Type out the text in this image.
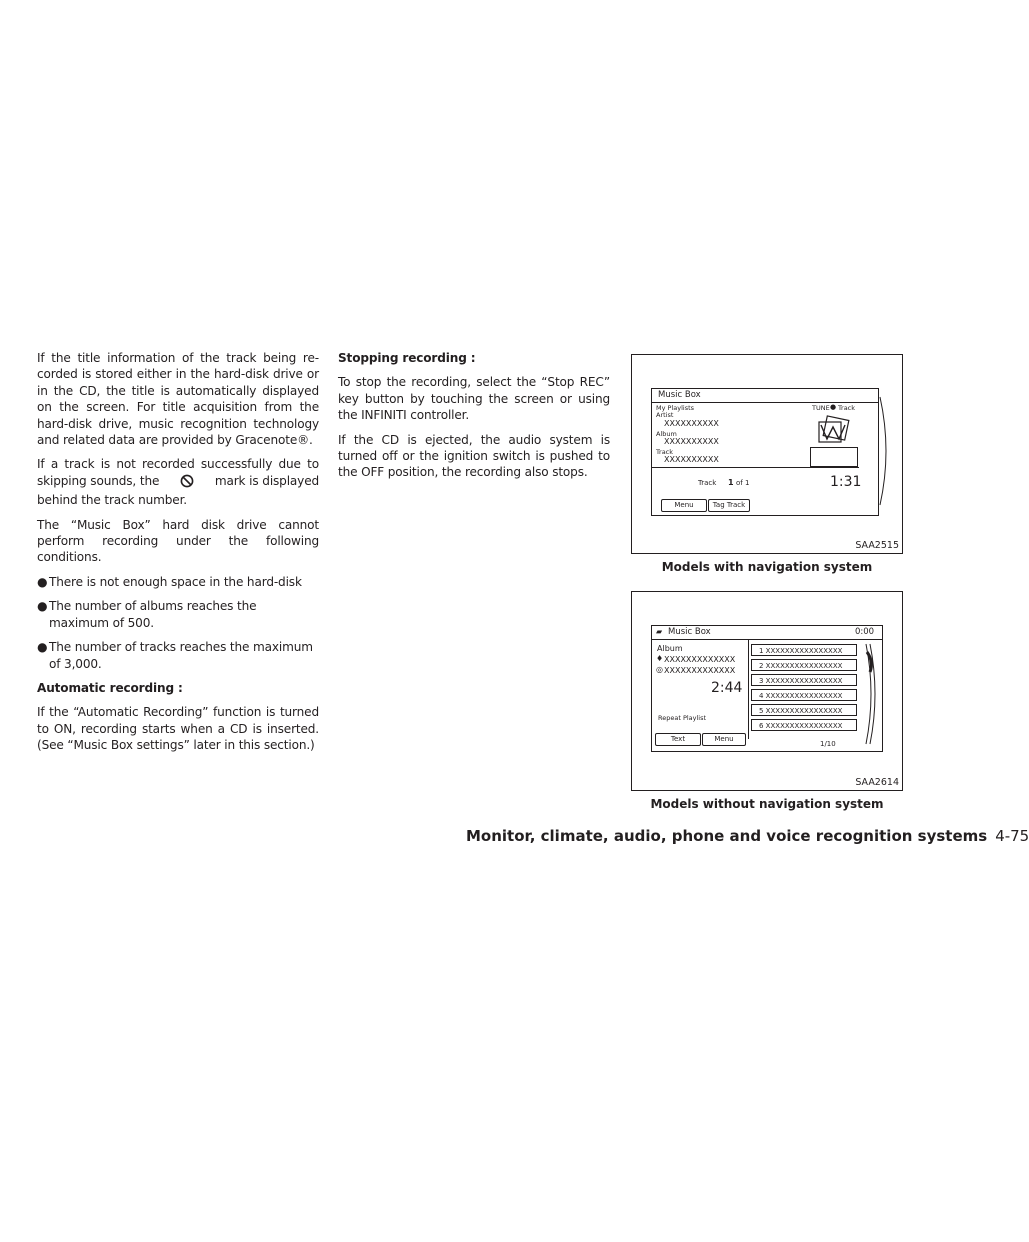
If the title information of the track being re-corded is stored either in the hard-disk drive or in the CD, the title is automatically displayed on the screen. For title acquisition from the hard-disk drive, music recognition technology and related data are provided by Gracenote®.

If a track is not recorded successfully due to skipping sounds, the	mark is displayed behind the track number.

The “Music Box” hard disk drive cannot perform recording under the following conditions.

● There is not enough space in the hard-disk
● The number of albums reaches the maximum of 500.
● The number of tracks reaches the maximum of 3,000.
Automatic recording :

If the “Automatic Recording” function is turned to ON, recording starts when a CD is inserted. (See “Music Box settings” later in this section.)

Stopping recording :

To stop the recording, select the “Stop REC” key button by touching the screen or using the INFINITI controller.

If the CD is ejected, the audio system is turned off or the ignition switch is pushed to the OFF position, the recording also stops.

Music Box
My Playlists
Artist
XXXXXXXXXX
Album
XXXXXXXXXX
Track
XXXXXXXXXX
TUNE ● Track
1:31
Track 1 of 1
Menu	Tag Track
SAA2515
Models with navigation system
▰ Music Box	0:00
Album
♦ XXXXXXXXXXXXX
◎ XXXXXXXXXXXXX
2:44
Repeat Playlist
Text	Menu
1 XXXXXXXXXXXXXXXX
2 XXXXXXXXXXXXXXXX
3 XXXXXXXXXXXXXXXX
4 XXXXXXXXXXXXXXXX
5 XXXXXXXXXXXXXXXX
6 XXXXXXXXXXXXXXXX
1/10
SAA2614
Models without navigation system
Monitor, climate, audio, phone and voice recognition systems 4-75
